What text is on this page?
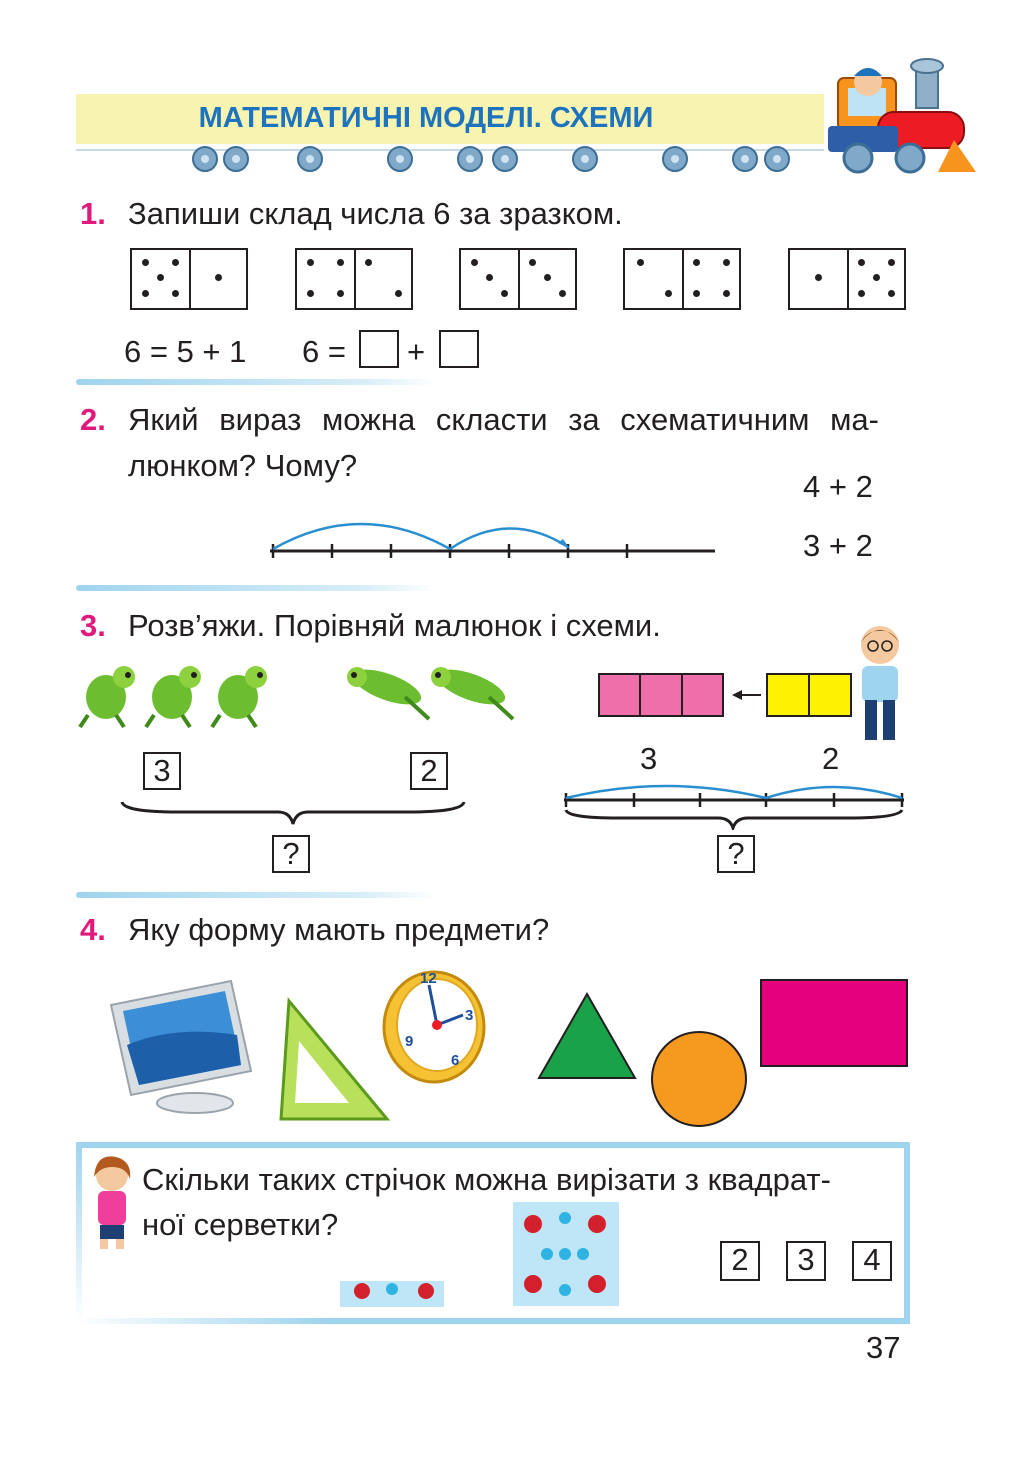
МАТЕМАТИЧНІ МОДЕЛІ. СХЕМИ
1. Запиши склад числа 6 за зразком.
6 = 5 + 1 6 = +
2. Який вираз можна скласти за схематичним ма-
люнком? Чому?
4 + 2
3 + 2
3. Розв’яжи. Порівняй малюнок і схеми.
3	2
?
3	2
?
4. Яку форму мають предмети?
12
3
6
9
Скільки таких стрічок можна вирізати з квадрат-
ної серветки?
2	3	4
37
